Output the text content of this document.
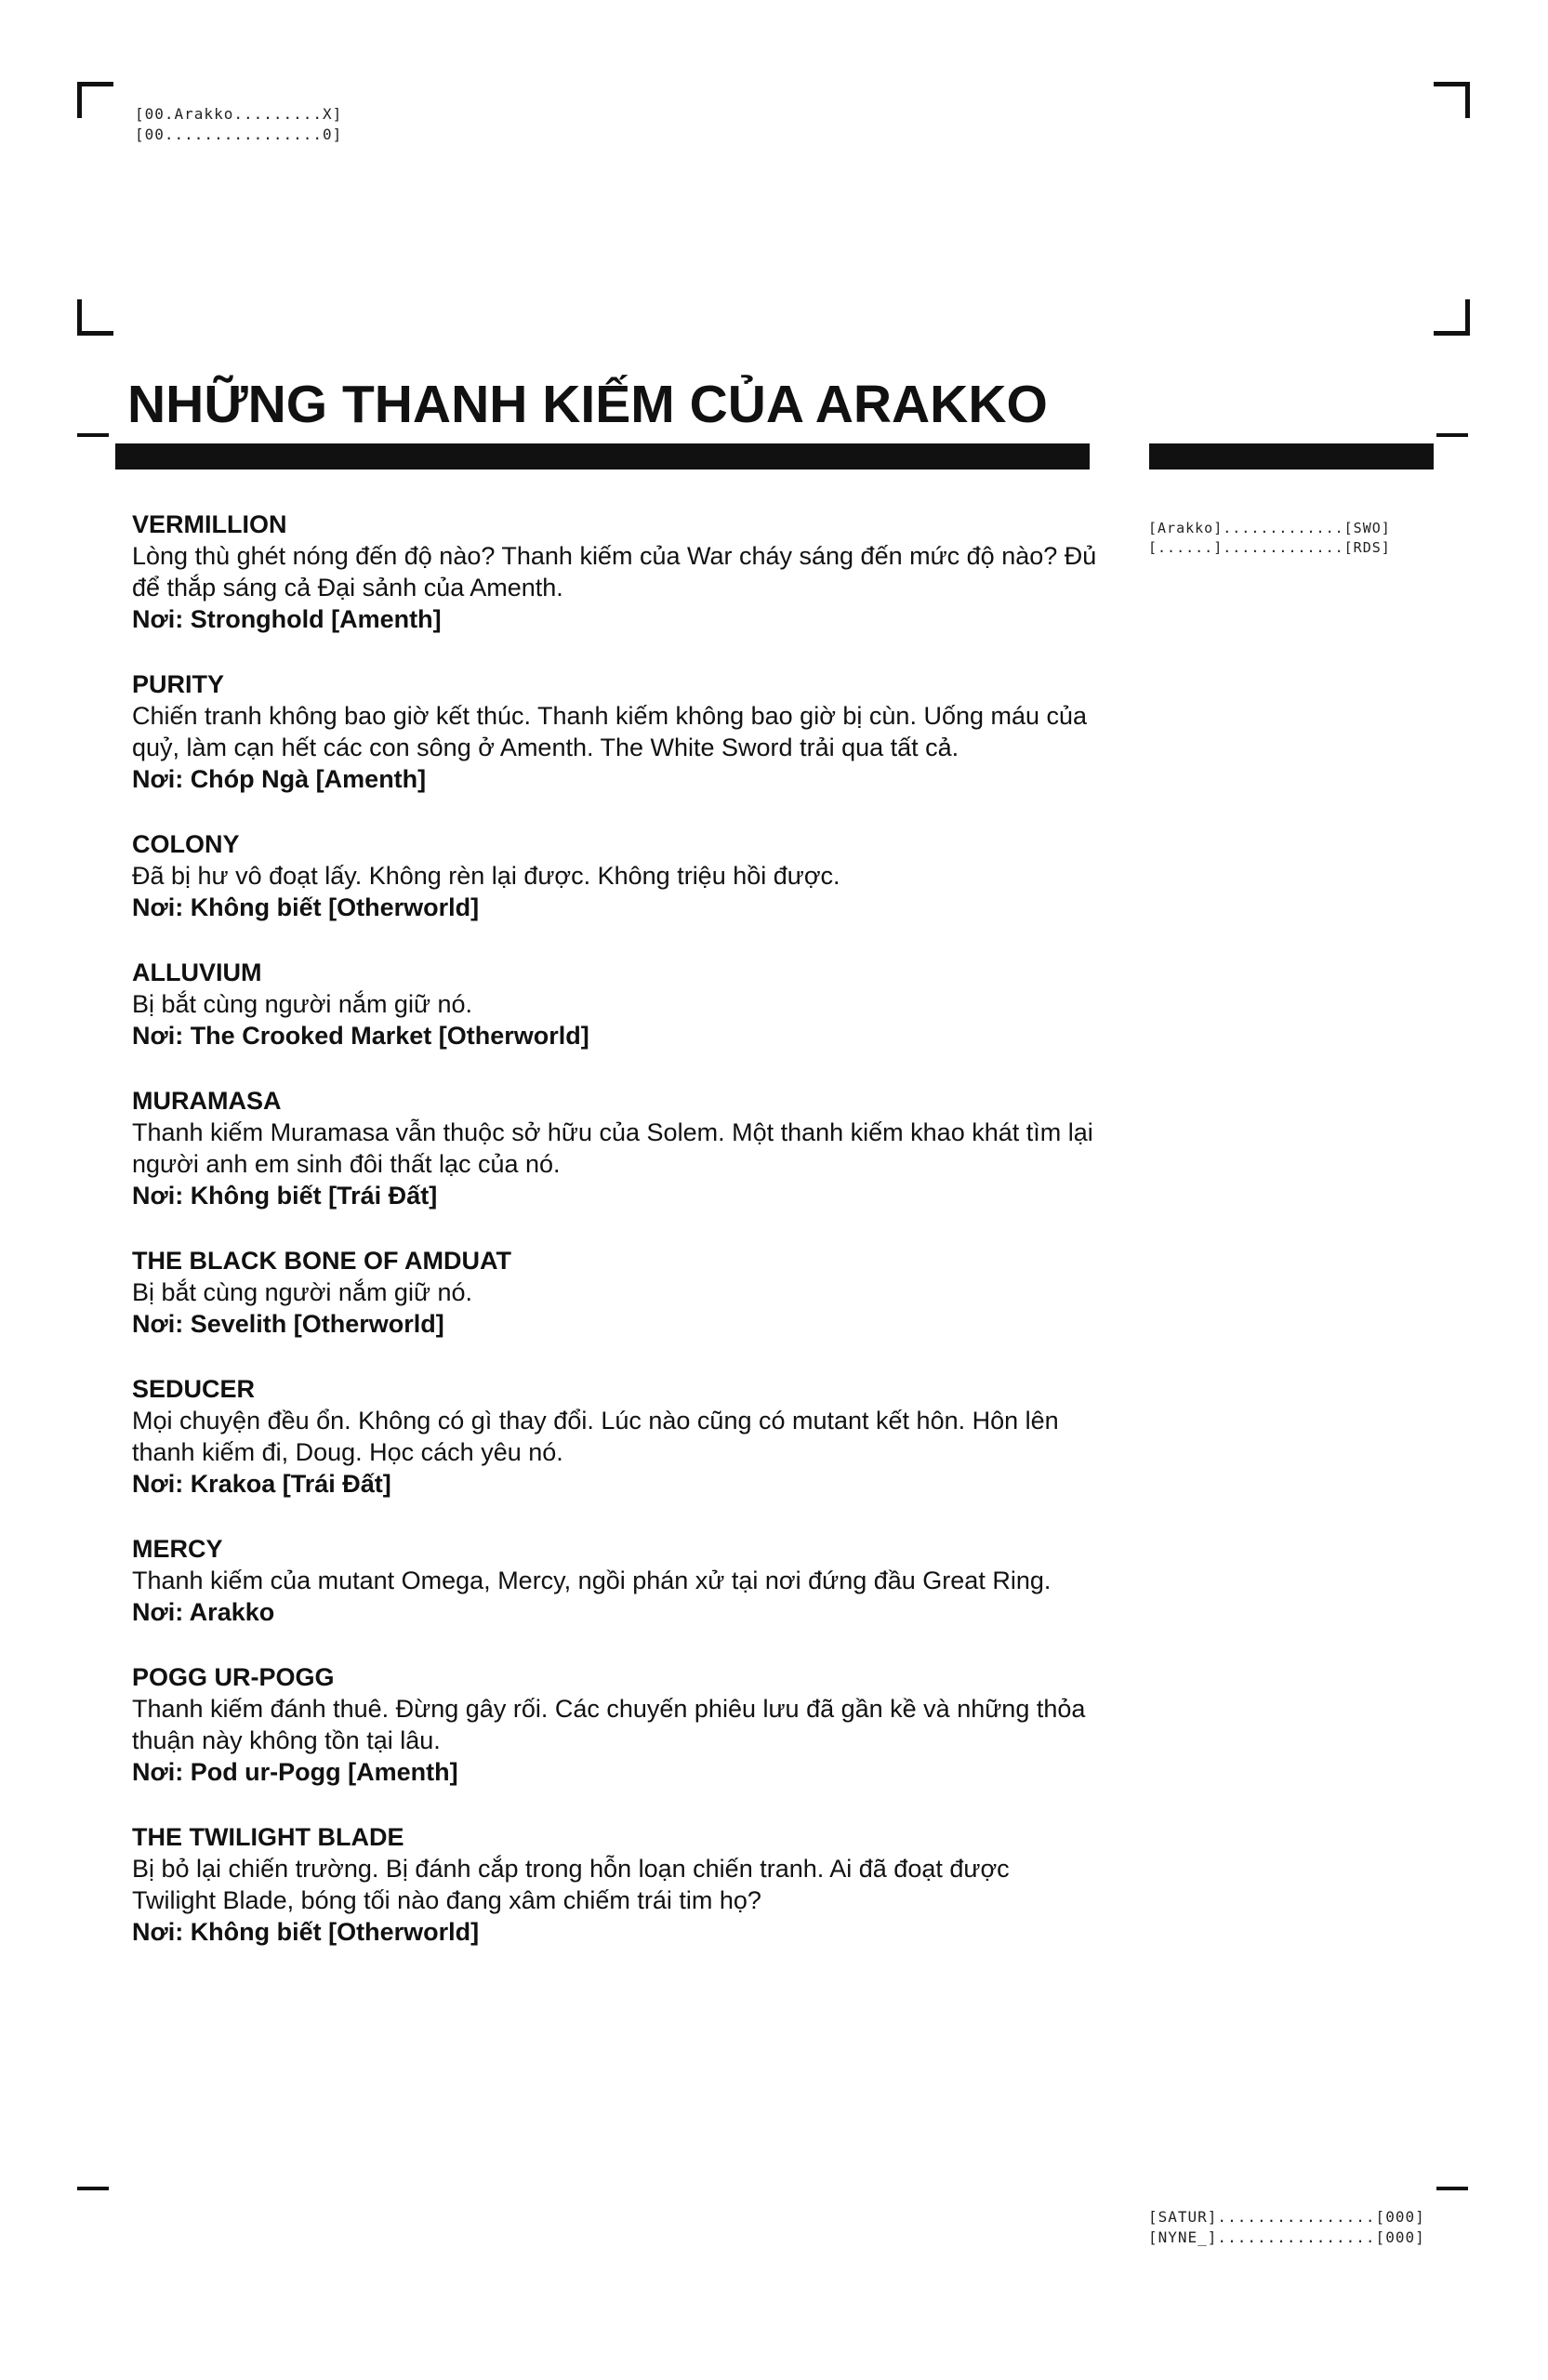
[00.Arakko.........X]
[00................0]
NHỮNG THANH KIẾM CỦA ARAKKO
[Arakko].............[SWO]
[......].............[RDS]
VERMILLION
Lòng thù ghét nóng đến độ nào? Thanh kiếm của War cháy sáng đến mức độ nào? Đủ để thắp sáng cả Đại sảnh của Amenth.
Nơi: Stronghold [Amenth]
PURITY
Chiến tranh không bao giờ kết thúc. Thanh kiếm không bao giờ bị cùn. Uống máu của quỷ, làm cạn hết các con sông ở Amenth. The White Sword trải qua tất cả.
Nơi: Chóp Ngà [Amenth]
COLONY
Đã bị hư vô đoạt lấy. Không rèn lại được. Không triệu hồi được.
Nơi: Không biết [Otherworld]
ALLUVIUM
Bị bắt cùng người nắm giữ nó.
Nơi: The Crooked Market [Otherworld]
MURAMASA
Thanh kiếm Muramasa vẫn thuộc sở hữu của Solem. Một thanh kiếm khao khát tìm lại người anh em sinh đôi thất lạc của nó.
Nơi: Không biết [Trái Đất]
THE BLACK BONE OF AMDUAT
Bị bắt cùng người nắm giữ nó.
Nơi: Sevelith [Otherworld]
SEDUCER
Mọi chuyện đều ổn. Không có gì thay đổi. Lúc nào cũng có mutant kết hôn. Hôn lên thanh kiếm đi, Doug. Học cách yêu nó.
Nơi: Krakoa [Trái Đất]
MERCY
Thanh kiếm của mutant Omega, Mercy, ngồi phán xử tại nơi đứng đầu Great Ring.
Nơi: Arakko
POGG UR-POGG
Thanh kiếm đánh thuê. Đừng gây rối. Các chuyến phiêu lưu đã gần kề và những thỏa thuận này không tồn tại lâu.
Nơi: Pod ur-Pogg [Amenth]
THE TWILIGHT BLADE
Bị bỏ lại chiến trường. Bị đánh cắp trong hỗn loạn chiến tranh. Ai đã đoạt được Twilight Blade, bóng tối nào đang xâm chiếm trái tim họ?
Nơi: Không biết [Otherworld]
[SATUR]................[000]
[NYNE_]................[000]
